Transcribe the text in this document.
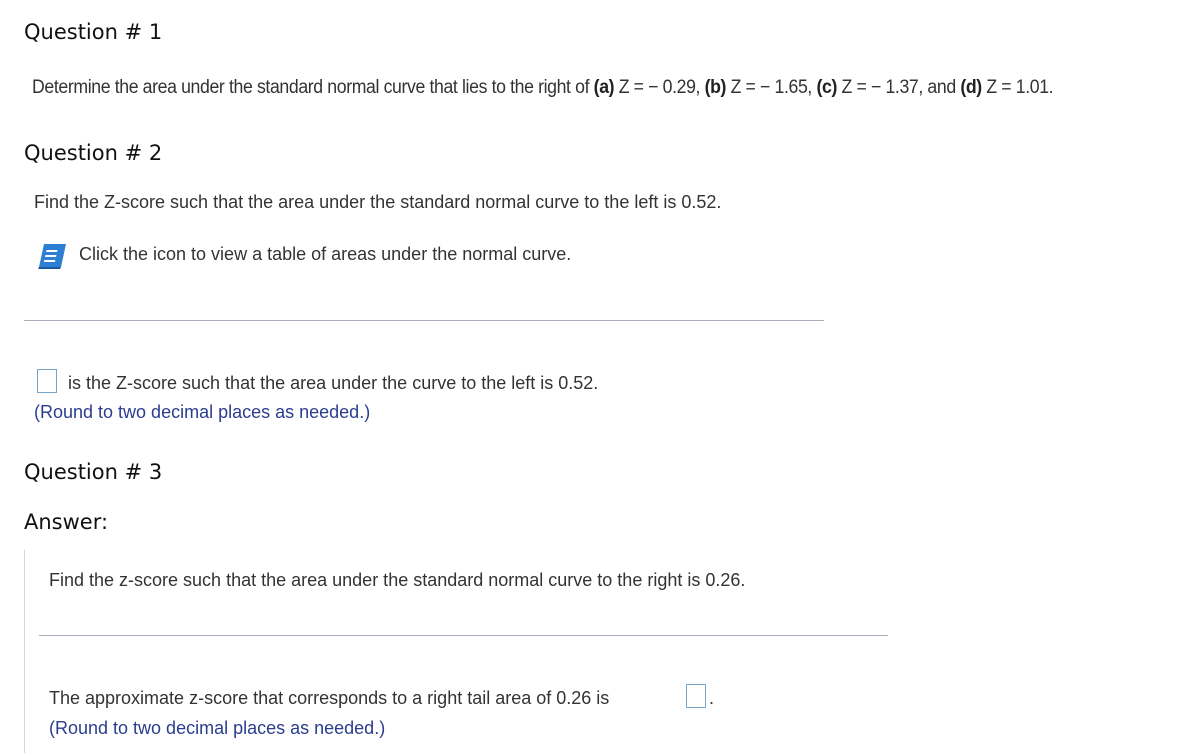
Question # 1
Determine the area under the standard normal curve that lies to the right of (a) Z = − 0.29, (b) Z = − 1.65, (c) Z = − 1.37, and (d) Z = 1.01.
Question # 2
Find the Z-score such that the area under the standard normal curve to the left is 0.52.
Click the icon to view a table of areas under the normal curve.
is the Z-score such that the area under the curve to the left is 0.52.
(Round to two decimal places as needed.)
Question # 3
Answer:
Find the z-score such that the area under the standard normal curve to the right is 0.26.
The approximate z-score that corresponds to a right tail area of 0.26 is	.
(Round to two decimal places as needed.)
